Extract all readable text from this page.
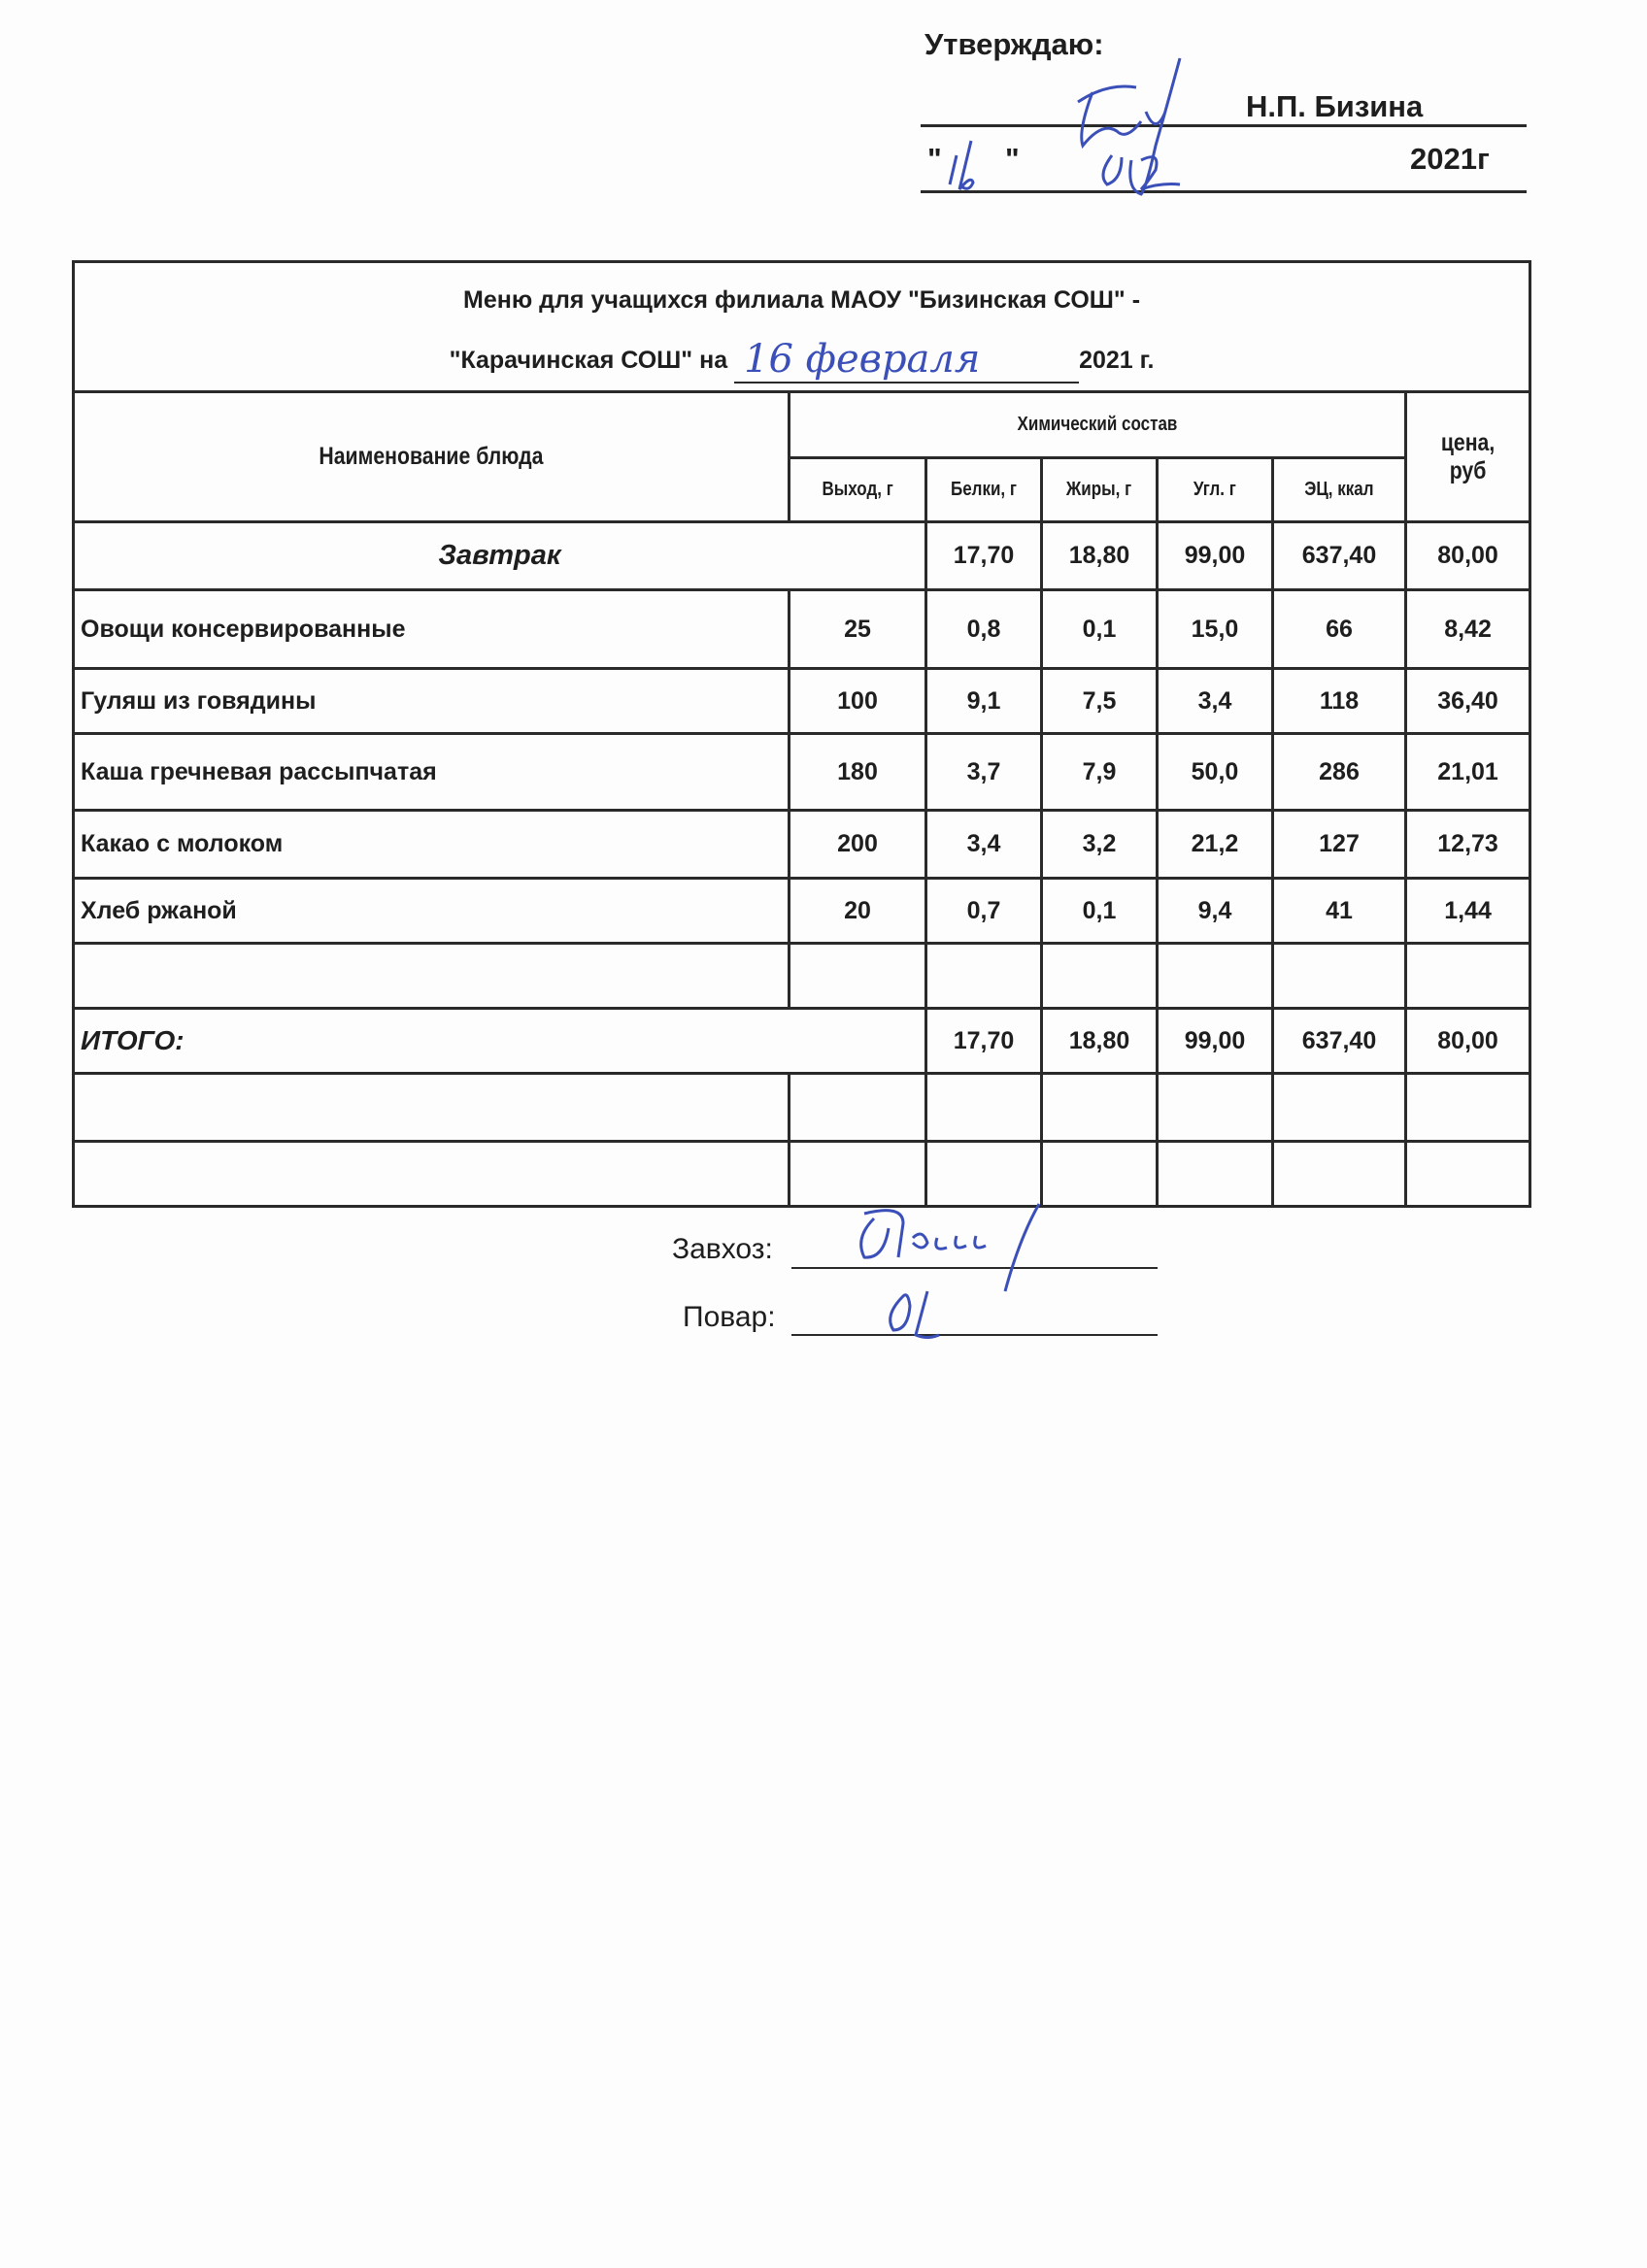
Утверждаю:
Н.П. Бизина
" "	2021г
Меню для учащихся филиала МАОУ "Бизинская СОШ" -
"Карачинская СОШ" на 16 февраля 2021 г.						

Наименование блюда	Химический состав					цена, руб
	Выход, г	Белки, г	Жиры, г	Угл. г	ЭЦ, ккал	
Завтрак		17,70	18,80	99,00	637,40	80,00
Овощи консервированные	25	0,8	0,1	15,0	66	8,42
Гуляш из говядины	100	9,1	7,5	3,4	118	36,40
Каша гречневая рассыпчатая	180	3,7	7,9	50,0	286	21,01
Какао с молоком	200	3,4	3,2	21,2	127	12,73
Хлеб ржаной	20	0,7	0,1	9,4	41	1,44

ИТОГО:		17,70	18,80	99,00	637,40	80,00

Завхоз:
Повар:
